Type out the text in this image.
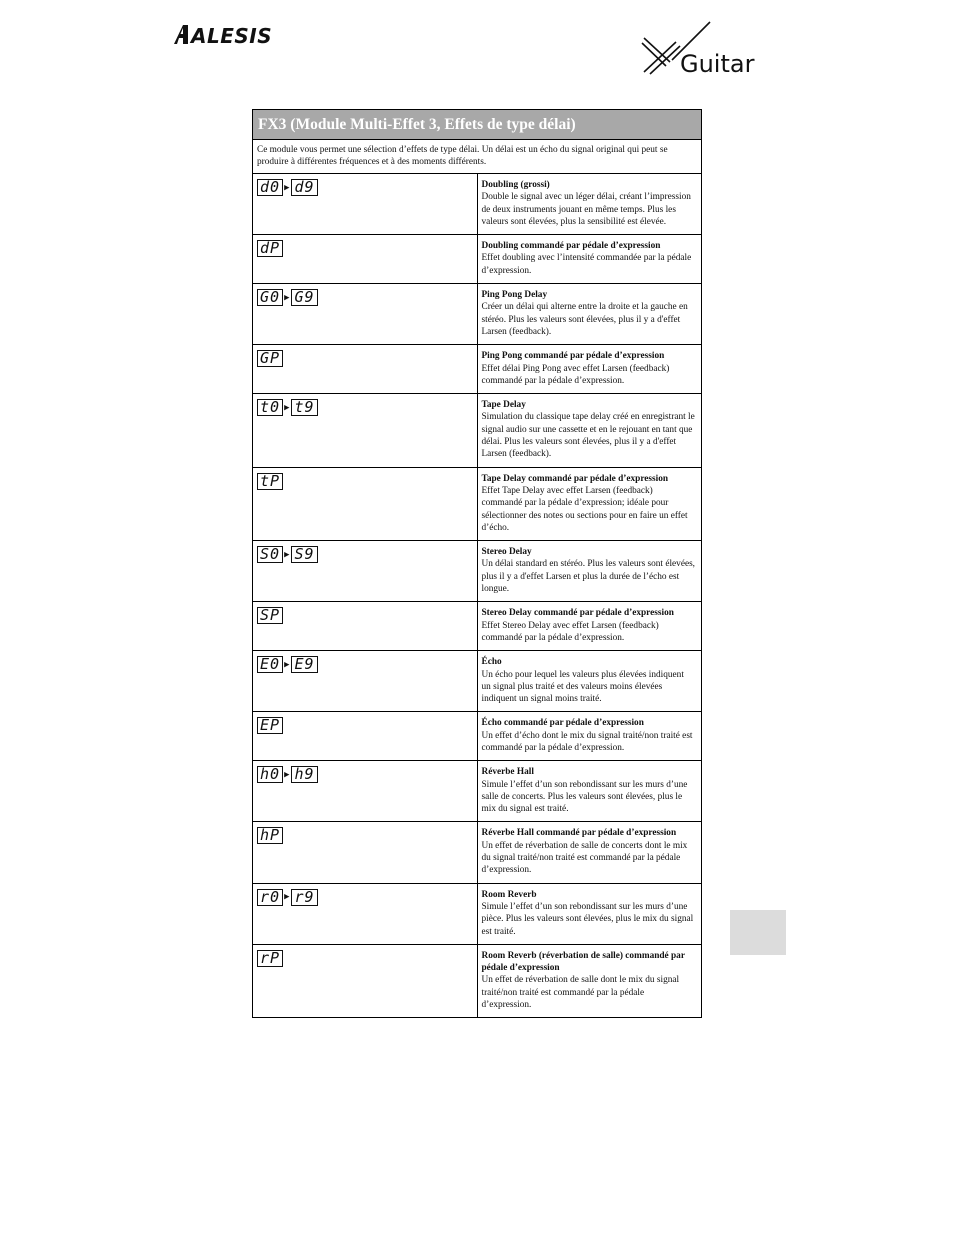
ALESIS
Guitar
FX3 (Module Multi-Effet 3, Effets de type délai)	
Ce module vous permet une sélection d’effets de type délai. Un délai est un écho du signal original qui peut se produire à différentes fréquences et à des moments différents.	
d0 ▶ d9	Doubling (grossi)
Double le signal avec un léger délai, créant l’impression de deux instruments jouant en même temps. Plus les valeurs sont élevées, plus la sensibilité est élevée.

dP	Doubling commandé par pédale d’expression
Effet doubling avec l’intensité commandée par la pédale d’expression.

G0 ▶ G9	Ping Pong Delay
Créer un délai qui alterne entre la droite et la gauche en stéréo. Plus les valeurs sont élevées, plus il y a d'effet Larsen (feedback).

GP	Ping Pong commandé par pédale d’expression
Effet délai Ping Pong avec effet Larsen (feedback) commandé par la pédale d’expression.

t0 ▶ t9	Tape Delay
Simulation du classique tape delay créé en enregistrant le signal audio sur une cassette et en le rejouant en tant que délai. Plus les valeurs sont élevées, plus il y a d'effet Larsen (feedback).

tP	Tape Delay commandé par pédale d’expression
Effet Tape Delay avec effet Larsen (feedback) commandé par la pédale d’expression; idéale pour sélectionner des notes ou sections pour en faire un effet d’écho.

S0 ▶ S9	Stereo Delay
Un délai standard en stéréo. Plus les valeurs sont élevées, plus il y a d'effet Larsen et plus la durée de l’écho est longue.

SP	Stereo Delay commandé par pédale d’expression
Effet Stereo Delay avec effet Larsen (feedback) commandé par la pédale d’expression.

E0 ▶ E9	Écho
Un écho pour lequel les valeurs plus élevées indiquent un signal plus traité et des valeurs moins élevées indiquent un signal moins traité.

EP	Écho commandé par pédale d’expression
Un effet d’écho dont le mix du signal traité/non traité est commandé par la pédale d’expression.

h0 ▶ h9	Réverbe Hall
Simule l’effet d’un son rebondissant sur les murs d’une salle de concerts. Plus les valeurs sont élevées, plus le mix du signal est traité.

hP	Réverbe Hall commandé par pédale d’expression
Un effet de réverbation de salle de concerts dont le mix du signal traité/non traité est commandé par la pédale d’expression.

r0 ▶ r9	Room Reverb
Simule l’effet d’un son rebondissant sur les murs d’une pièce. Plus les valeurs sont élevées, plus le mix du signal est traité.

rP	Room Reverb (réverbation de salle) commandé par pédale d’expression
Un effet de réverbation de salle dont le mix du signal traité/non traité est commandé par la pédale d’expression.
